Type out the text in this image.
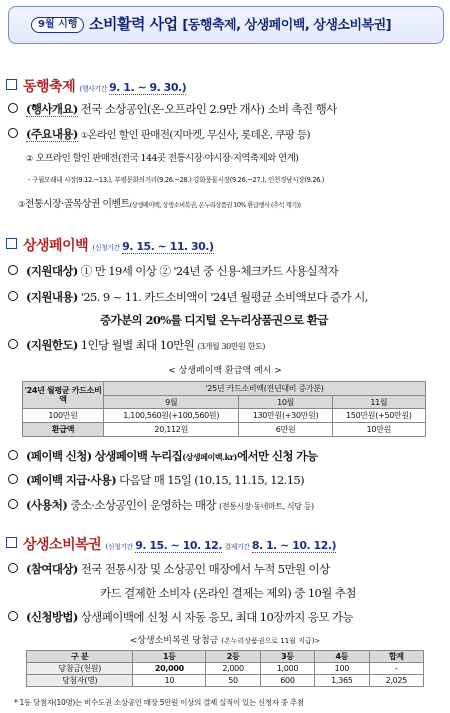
9월 시행 소비활력 사업 [동행축제, 상생페이백, 상생소비복권]
동행축제 (행사기간 9. 1. ~ 9. 30.)
(행사개요) 전국 소상공인(온·오프라인 2.9만 개사) 소비 촉진 행사
(주요내용) ①온라인 할인 판매전(지마켓, 무신사, 롯데온, 쿠팡 등)
② 오프라인 할인 판매전(전국 144곳 전통시장·야시장·지역축제와 연계)
- 구월모래내 시장(9.12.~13.), 부평문화의거리(9.26.~28.) 강화풍물시장(9.26.~27.), 인천경남시장(9.26.)
③전통시장·골목상권 이벤트(상생페이백, 상생소비복권, 온누리상품권 10% 환급행사 (추석 계기))
상생페이백 (신청기간 9. 15. ~ 11. 30.)
(지원대상) ① 만 19세 이상 ② '24년 중 신용·체크카드 사용실적자
(지원내용) '25. 9 ~ 11. 카드소비액이 '24년 월평균 소비액보다 증가 시,
증가분의 20%를 디지털 온누리상품권으로 환급
(지원한도) 1인당 월별 최대 10만원 (3개월 30만원 한도)
< 상생페이백 환급액 예시 >
'24년 월평균 카드소비액	'25년 카드소비액(전년대비 증가분)		
	9월	10월	11월
100만원	1,100,560원(+100,560원)	130만원(+30만원)	150만원(+50만원)
환급액	20,112원	6만원	10만원
(페이백 신청) 상생페이백 누리집(상생페이백.kr)에서만 신청 가능
(페이백 지급·사용) 다음달 매 15일 (10.15, 11.15, 12.15)
(사용처) 중소·소상공인이 운영하는 매장 (전통시장·동네마트, 식당 등)
상생소비복권 (신청기간 9. 15. ~ 10. 12. 결제기간 8. 1. ~ 10. 12.)
(참여대상) 전국 전통시장 및 소상공인 매장에서 누적 5만원 이상
카드 결제한 소비자 (온라인 결제는 제외) 중 10월 추첨
(신청방법) 상생페이백에 신청 시 자동 응모, 최대 10장까지 응모 가능
<상생소비복권 당첨금 (온누리상품권으로 11월 지급)>
구 분	1등	2등	3등	4등	합계
당첨금(천원)	20,000	2,000	1,000	100	-
당첨자(명)	10	50	600	1,365	2,025
* 1등 당첨자(10명)는 비수도권 소상공인 매장 5만원 이상의 결제 실적이 있는 신청자 중 추첨
